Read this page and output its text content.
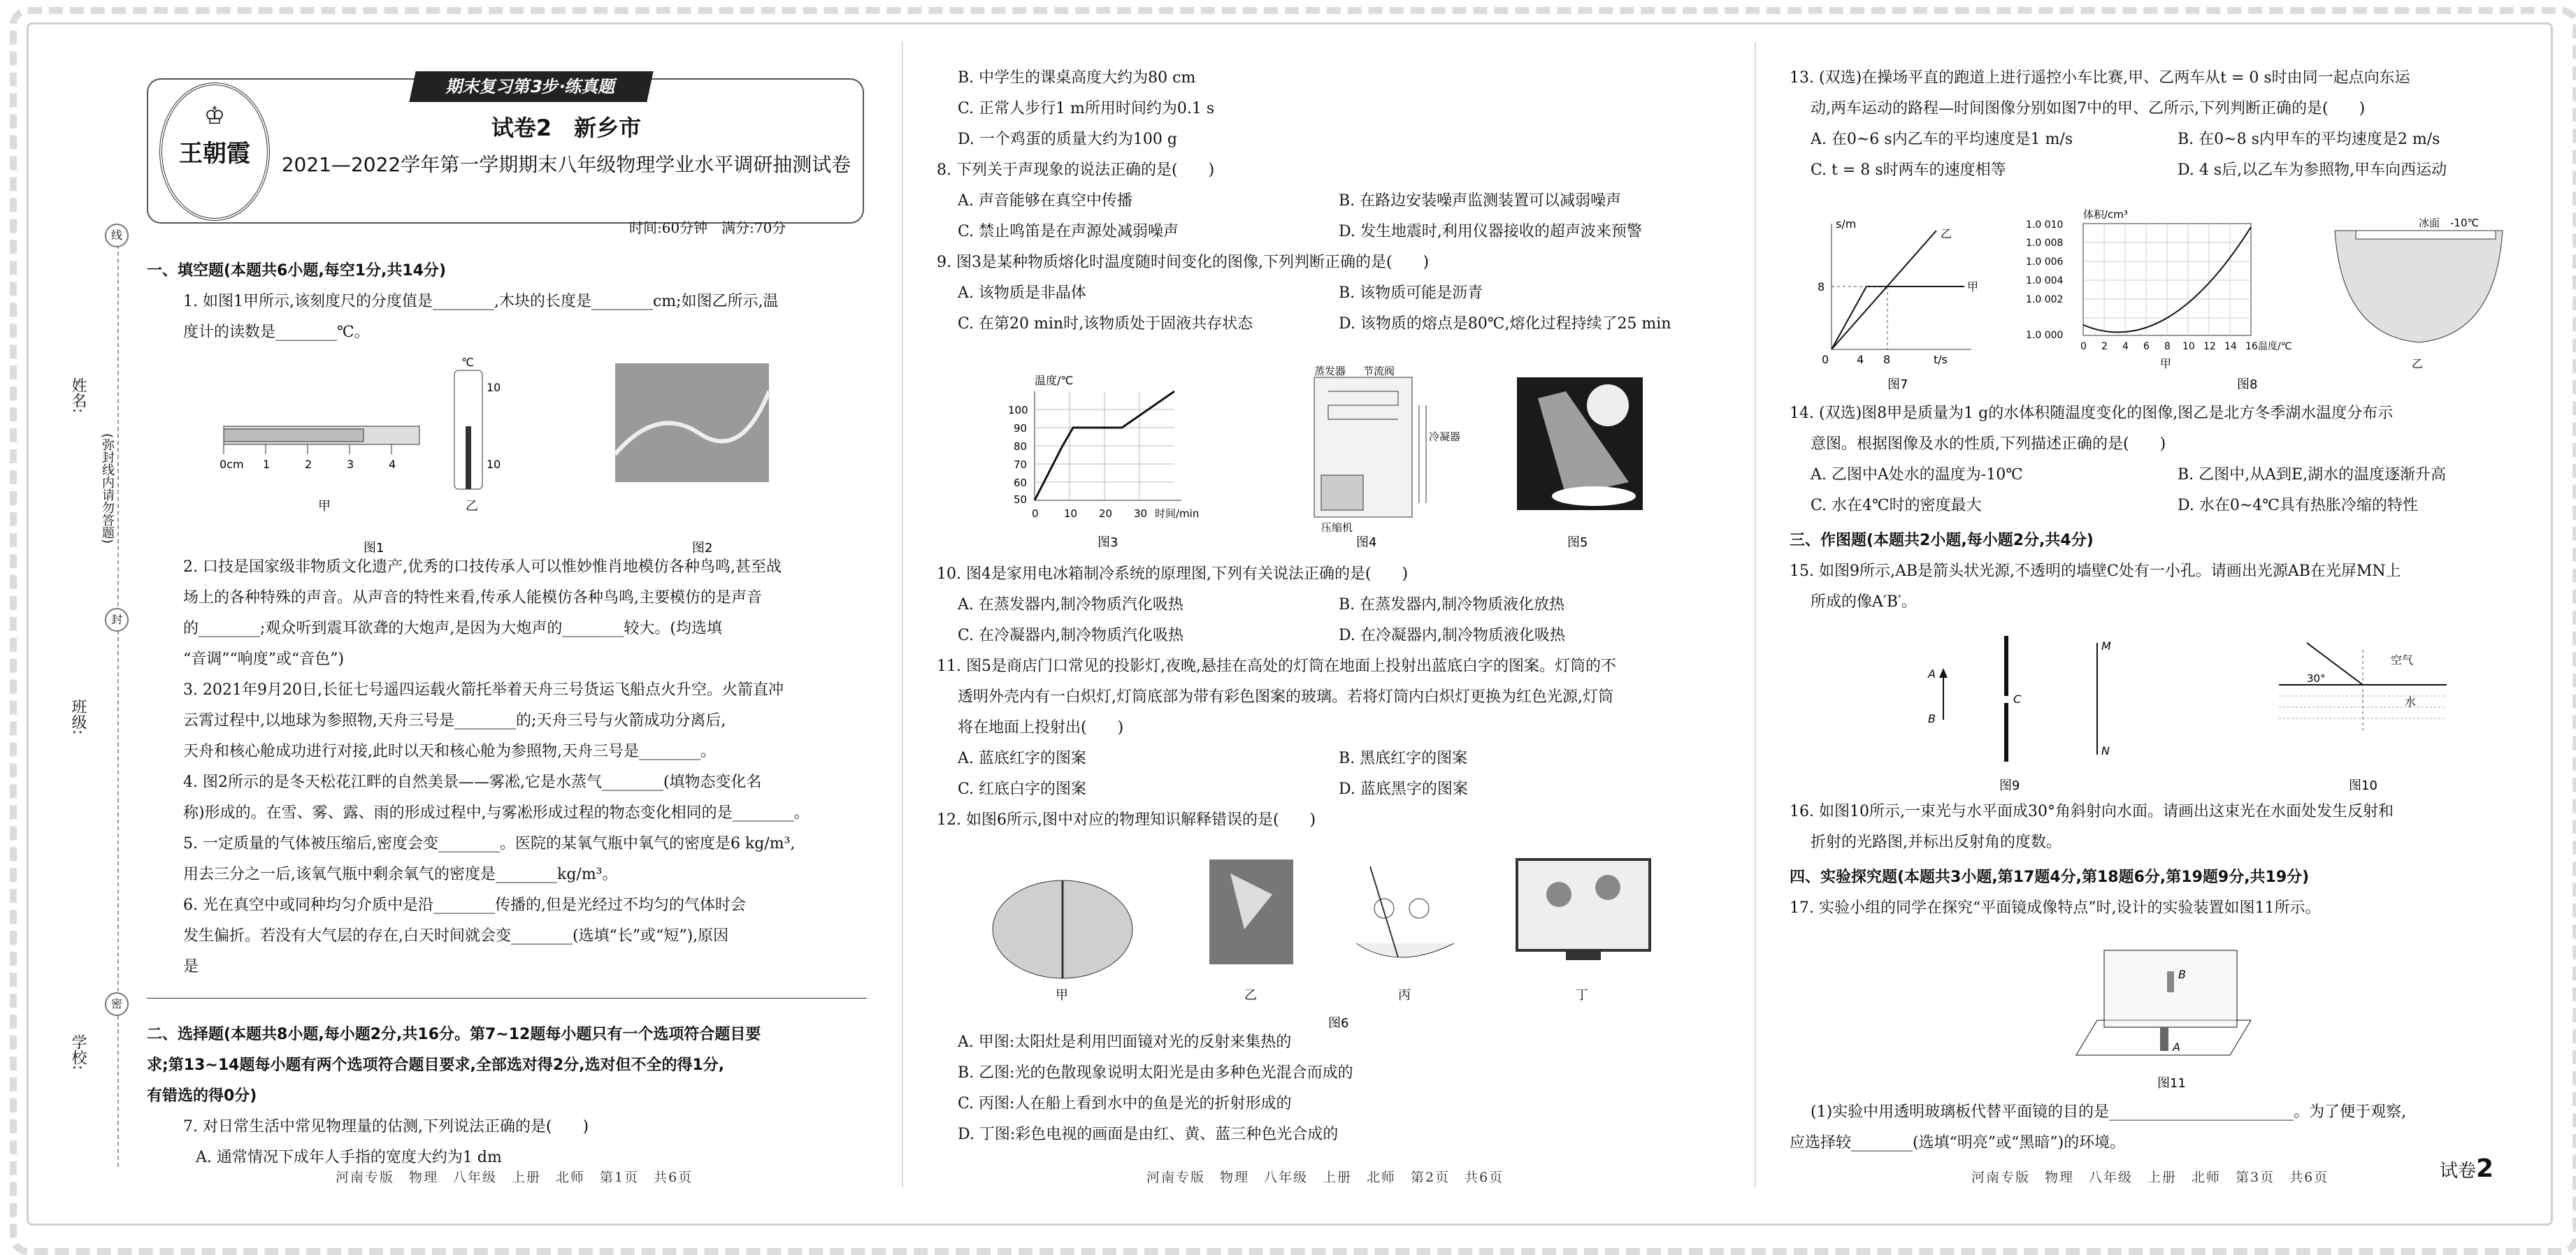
线
封
密
姓名:
(弥封线内请勿答题)
班级:
学校:
期末复习第3步·练真题
♔
王朝霞
试卷2　新乡市
2021—2022学年第一学期期末八年级物理学业水平调研抽测试卷
时间:60分钟　满分:70分

一、填空题(本题共6小题,每空1分,共14分)

1. 如图1甲所示,该刻度尺的分度值是________,木块的长度是________cm;如图乙所示,温

度计的读数是________℃。

0cm 1	2	3	4
甲
℃
10
10
乙
图1	图2

2. 口技是国家级非物质文化遗产,优秀的口技传承人可以惟妙惟肖地模仿各种鸟鸣,甚至战

场上的各种特殊的声音。从声音的特性来看,传承人能模仿各种鸟鸣,主要模仿的是声音

的________;观众听到震耳欲聋的大炮声,是因为大炮声的________较大。(均选填

“音调”“响度”或“音色”)

3. 2021年9月20日,长征七号遥四运载火箭托举着天舟三号货运飞船点火升空。火箭直冲

云霄过程中,以地球为参照物,天舟三号是________的;天舟三号与火箭成功分离后,

天舟和核心舱成功进行对接,此时以天和核心舱为参照物,天舟三号是________。

4. 图2所示的是冬天松花江畔的自然美景——雾凇,它是水蒸气________(填物态变化名

称)形成的。在雪、雾、露、雨的形成过程中,与雾凇形成过程的物态变化相同的是________。

5. 一定质量的气体被压缩后,密度会变________。医院的某氧气瓶中氧气的密度是6 kg/m³,

用去三分之一后,该氧气瓶中剩余氧气的密度是________kg/m³。

6. 光在真空中或同种均匀介质中是沿________传播的,但是光经过不均匀的气体时会

发生偏折。若没有大气层的存在,白天时间就会变________(选填“长”或“短”),原因

是

二、选择题(本题共8小题,每小题2分,共16分。第7~12题每小题只有一个选项符合题目要

求;第13~14题每小题有两个选项符合题目要求,全部选对得2分,选对但不全的得1分,

有错选的得0分)

7. 对日常生活中常见物理量的估测,下列说法正确的是(　　)

A. 通常情况下成年人手指的宽度大约为1 dm

河南专版　物理　八年级　上册　北师　第1页　共6页

B. 中学生的课桌高度大约为80 cm

C. 正常人步行1 m所用时间约为0.1 s

D. 一个鸡蛋的质量大约为100 g

8. 下列关于声现象的说法正确的是(　　)

A. 声音能够在真空中传播	B. 在路边安装噪声监测装置可以减弱噪声
C. 禁止鸣笛是在声源处减弱噪声	D. 发生地震时,利用仪器接收的超声波来预警

9. 图3是某种物质熔化时温度随时间变化的图像,下列判断正确的是(　　)

A. 该物质是非晶体	B. 该物质可能是沥青
C. 在第20 min时,该物质处于固液共存状态	D. 该物质的熔点是80℃,熔化过程持续了25 min
温度/℃
100
90
80
70
60
50
0 10 20 30 时间/min
图3
蒸发器 节流阀
冷凝器
压缩机
图4	图5

10. 图4是家用电冰箱制冷系统的原理图,下列有关说法正确的是(　　)

A. 在蒸发器内,制冷物质汽化吸热	B. 在蒸发器内,制冷物质液化放热
C. 在冷凝器内,制冷物质汽化吸热	D. 在冷凝器内,制冷物质液化吸热

11. 图5是商店门口常见的投影灯,夜晚,悬挂在高处的灯筒在地面上投射出蓝底白字的图案。灯筒的不

透明外壳内有一白炽灯,灯筒底部为带有彩色图案的玻璃。若将灯筒内白炽灯更换为红色光源,灯筒

将在地面上投射出(　　)

A. 蓝底红字的图案	B. 黑底红字的图案
C. 红底白字的图案	D. 蓝底黑字的图案

12. 如图6所示,图中对应的物理知识解释错误的是(　　)

甲	乙	丙	丁
图6

A. 甲图:太阳灶是利用凹面镜对光的反射来集热的

B. 乙图:光的色散现象说明太阳光是由多种色光混合而成的

C. 丙图:人在船上看到水中的鱼是光的折射形成的

D. 丁图:彩色电视的画面是由红、黄、蓝三种色光合成的

河南专版　物理　八年级　上册　北师　第2页　共6页

13. (双选)在操场平直的跑道上进行遥控小车比赛,甲、乙两车从t = 0 s时由同一起点向东运

动,两车运动的路程—时间图像分别如图7中的甲、乙所示,下列判断正确的是(　　)

A. 在0~6 s内乙车的平均速度是1 m/s	B. 在0~8 s内甲车的平均速度是2 m/s
C. t = 8 s时两车的速度相等	D. 4 s后,以乙车为参照物,甲车向西运动
s/m
8
0 4 8	t/s
乙
甲
图7
体积/cm³
1.0 010
1.0 008
1.0 006
1.0 004
1.0 002
1.0 000
0 2 4 6 8 10 12 14 16 温度/℃
甲
冰面　-10℃
乙
图8

14. (双选)图8甲是质量为1 g的水体积随温度变化的图像,图乙是北方冬季湖水温度分布示

意图。根据图像及水的性质,下列描述正确的是(　　)

A. 乙图中A处水的温度为-10℃	B. 乙图中,从A到E,湖水的温度逐渐升高
C. 水在4℃时的密度最大	D. 水在0~4℃具有热胀冷缩的特性

三、作图题(本题共2小题,每小题2分,共4分)

15. 如图9所示,AB是箭头状光源,不透明的墙壁C处有一小孔。请画出光源AB在光屏MN上

所成的像A′B′。

A
B
C
M
N
图9
30°
空气
水
图10

16. 如图10所示,一束光与水平面成30°角斜射向水面。请画出这束光在水面处发生反射和

折射的光路图,并标出反射角的度数。

四、实验探究题(本题共3小题,第17题4分,第18题6分,第19题9分,共19分)

17. 实验小组的同学在探究“平面镜成像特点”时,设计的实验装置如图11所示。

B
A
图11

(1)实验中用透明玻璃板代替平面镜的目的是________________________。为了便于观察,

应选择较________(选填“明亮”或“黑暗”)的环境。

河南专版　物理　八年级　上册　北师　第3页　共6页	试卷2
